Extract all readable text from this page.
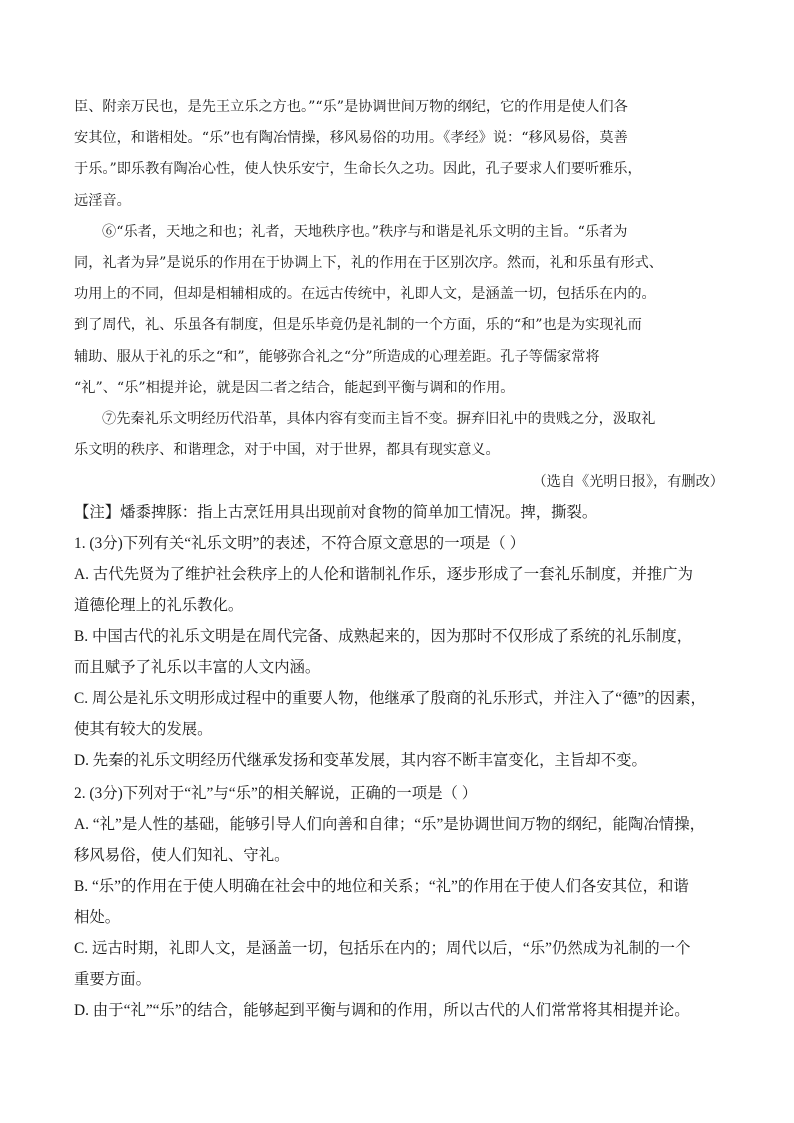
臣、附亲万民也，是先王立乐之方也。”“乐”是协调世间万物的纲纪，它的作用是使人们各

安其位，和谐相处。“乐”也有陶冶情操，移风易俗的功用。《孝经》说：“移风易俗，莫善

于乐。”即乐教有陶冶心性，使人快乐安宁，生命长久之功。因此，孔子要求人们要听雅乐，

远淫音。

⑥“乐者，天地之和也；礼者，天地秩序也。”秩序与和谐是礼乐文明的主旨。“乐者为

同，礼者为异”是说乐的作用在于协调上下，礼的作用在于区别次序。然而，礼和乐虽有形式、

功用上的不同，但却是相辅相成的。在远古传统中，礼即人文，是涵盖一切，包括乐在内的。

到了周代，礼、乐虽各有制度，但是乐毕竟仍是礼制的一个方面，乐的“和”也是为实现礼而

辅助、服从于礼的乐之“和”，能够弥合礼之“分”所造成的心理差距。孔子等儒家常将

“礼”、“乐”相提并论，就是因二者之结合，能起到平衡与调和的作用。

⑦先秦礼乐文明经历代沿革，具体内容有变而主旨不变。摒弃旧礼中的贵贱之分，汲取礼

乐文明的秩序、和谐理念，对于中国，对于世界，都具有现实意义。

（选自《光明日报》，有删改）

【注】燔黍捭豚：指上古烹饪用具出现前对食物的简单加工情况。捭，撕裂。

1. (3分)下列有关“礼乐文明”的表述，不符合原文意思的一项是（ ）

A. 古代先贤为了维护社会秩序上的人伦和谐制礼作乐，逐步形成了一套礼乐制度，并推广为

道德伦理上的礼乐教化。

B. 中国古代的礼乐文明是在周代完备、成熟起来的，因为那时不仅形成了系统的礼乐制度，

而且赋予了礼乐以丰富的人文内涵。

C. 周公是礼乐文明形成过程中的重要人物，他继承了殷商的礼乐形式，并注入了“德”的因素，

使其有较大的发展。

D. 先秦的礼乐文明经历代继承发扬和变革发展，其内容不断丰富变化，主旨却不变。

2. (3分)下列对于“礼”与“乐”的相关解说，正确的一项是（ ）

A. “礼”是人性的基础，能够引导人们向善和自律；“乐”是协调世间万物的纲纪，能陶冶情操，

移风易俗，使人们知礼、守礼。

B. “乐”的作用在于使人明确在社会中的地位和关系；“礼”的作用在于使人们各安其位，和谐

相处。

C. 远古时期，礼即人文，是涵盖一切，包括乐在内的；周代以后，“乐”仍然成为礼制的一个

重要方面。

D. 由于“礼”“乐”的结合，能够起到平衡与调和的作用，所以古代的人们常常将其相提并论。
